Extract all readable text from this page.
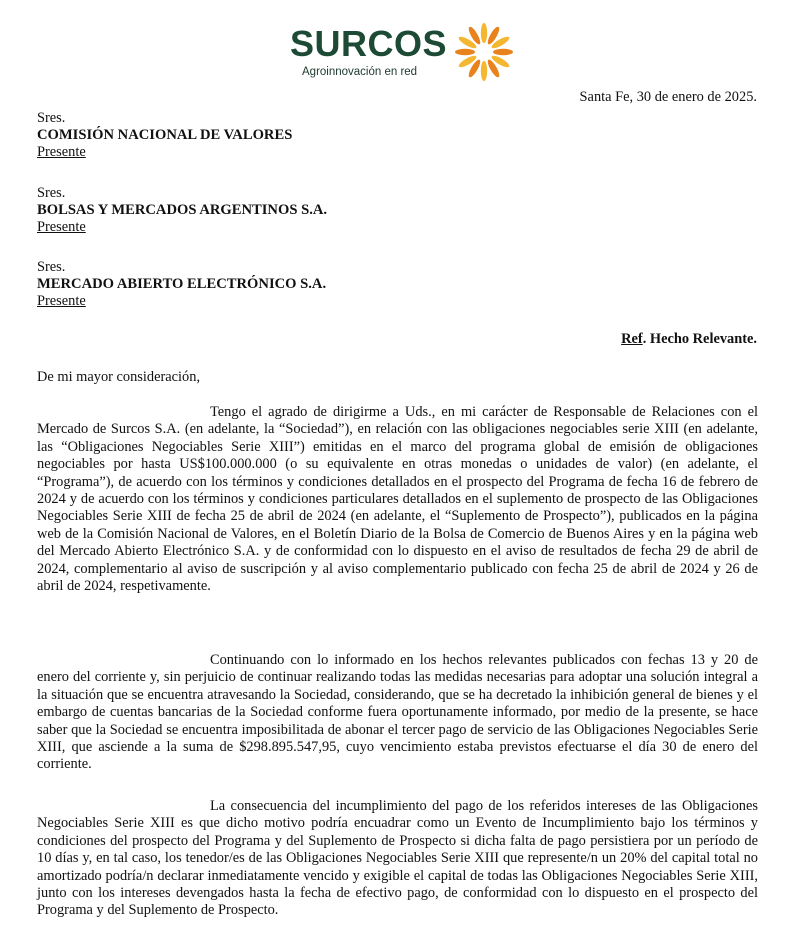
SURCOS
Agroinnovación en red
Santa Fe, 30 de enero de 2025.
Sres.
COMISIÓN NACIONAL DE VALORES
Presente
Sres.
BOLSAS Y MERCADOS ARGENTINOS S.A.
Presente
Sres.
MERCADO ABIERTO ELECTRÓNICO S.A.
Presente
Ref. Hecho Relevante.
De mi mayor consideración,

Tengo el agrado de dirigirme a Uds., en mi carácter de Responsable de Relaciones con el Mercado de Surcos S.A. (en adelante, la “Sociedad”), en relación con las obligaciones negociables serie XIII (en adelante, las “Obligaciones Negociables Serie XIII”) emitidas en el marco del programa global de emisión de obligaciones negociables por hasta US$100.000.000 (o su equivalente en otras monedas o unidades de valor) (en adelante, el “Programa”), de acuerdo con los términos y condiciones detallados en el prospecto del Programa de fecha 16 de febrero de 2024 y de acuerdo con los términos y condiciones particulares detallados en el suplemento de prospecto de las Obligaciones Negociables Serie XIII de fecha 25 de abril de 2024 (en adelante, el “Suplemento de Prospecto”), publicados en la página web de la Comisión Nacional de Valores, en el Boletín Diario de la Bolsa de Comercio de Buenos Aires y en la página web del Mercado Abierto Electrónico S.A. y de conformidad con lo dispuesto en el aviso de resultados de fecha 29 de abril de 2024, complementario al aviso de suscripción y al aviso complementario publicado con fecha 25 de abril de 2024 y 26 de abril de 2024, respetivamente.

Continuando con lo informado en los hechos relevantes publicados con fechas 13 y 20 de enero del corriente y, sin perjuicio de continuar realizando todas las medidas necesarias para adoptar una solución integral a la situación que se encuentra atravesando la Sociedad, considerando, que se ha decretado la inhibición general de bienes y el embargo de cuentas bancarias de la Sociedad conforme fuera oportunamente informado, por medio de la presente, se hace saber que la Sociedad se encuentra imposibilitada de abonar el tercer pago de servicio de las Obligaciones Negociables Serie XIII, que asciende a la suma de $298.895.547,95, cuyo vencimiento estaba previstos efectuarse el día 30 de enero del corriente.

La consecuencia del incumplimiento del pago de los referidos intereses de las Obligaciones Negociables Serie XIII es que dicho motivo podría encuadrar como un Evento de Incumplimiento bajo los términos y condiciones del prospecto del Programa y del Suplemento de Prospecto si dicha falta de pago persistiera por un período de 10 días y, en tal caso, los tenedor/es de las Obligaciones Negociables Serie XIII que represente/n un 20% del capital total no amortizado podría/n declarar inmediatamente vencido y exigible el capital de todas las Obligaciones Negociables Serie XIII, junto con los intereses devengados hasta la fecha de efectivo pago, de conformidad con lo dispuesto en el prospecto del Programa y del Suplemento de Prospecto.
